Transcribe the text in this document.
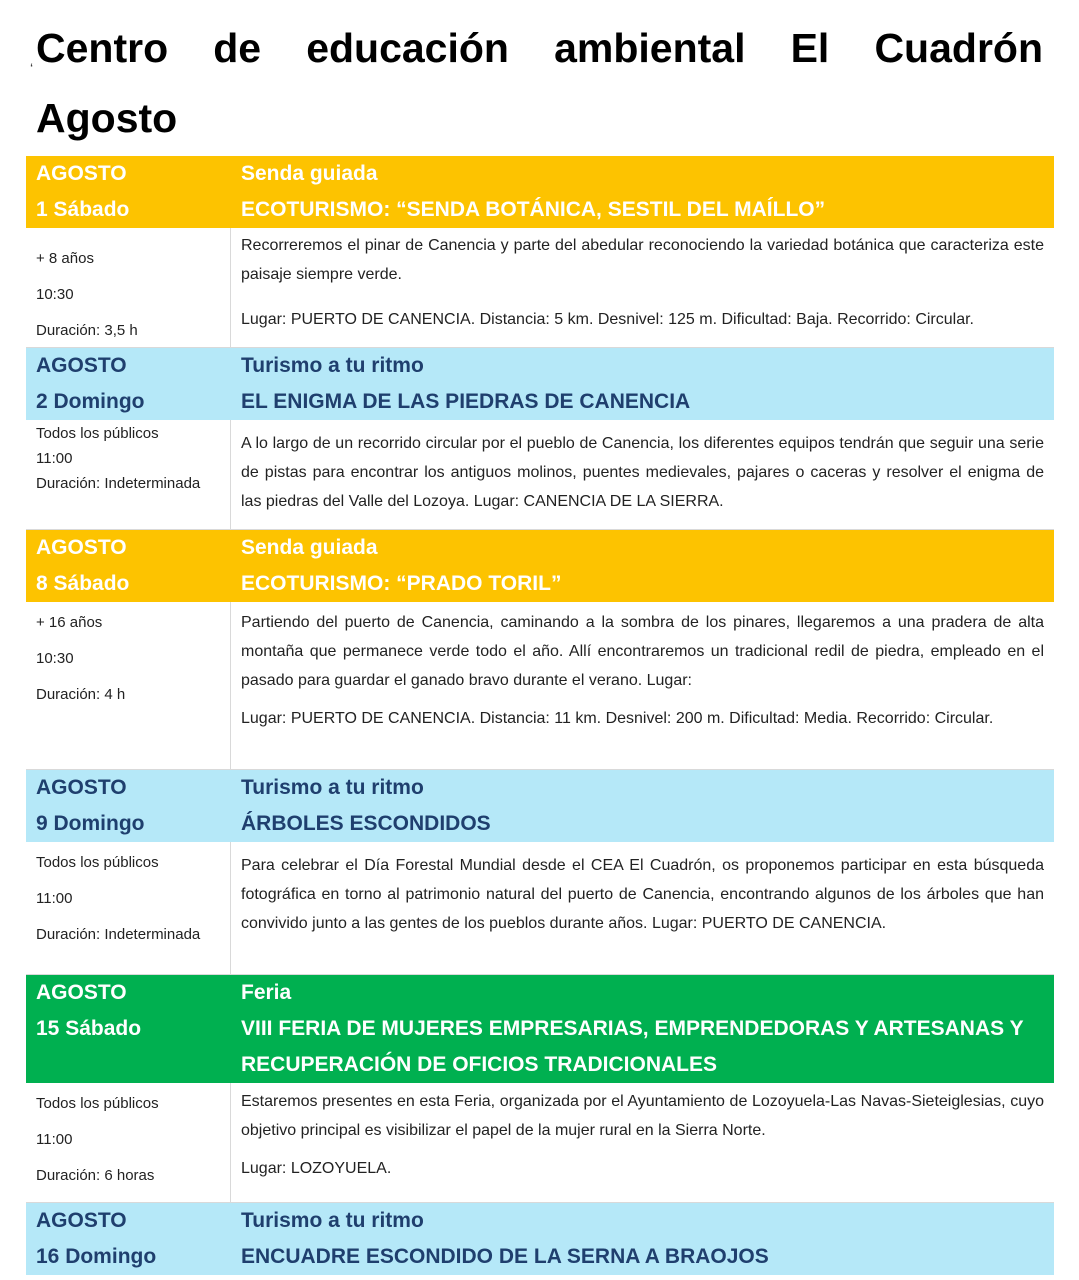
‘ Centro de educación ambiental El Cuadrón
Agosto
AGOSTO
1 Sábado
Senda guiada
ECOTURISMO: “SENDA BOTÁNICA, SESTIL DEL MAÍLLO”
+ 8 años
10:30
Duración: 3,5 h

Recorreremos el pinar de Canencia y parte del abedular reconociendo la variedad botánica que caracteriza este paisaje siempre verde.

Lugar: PUERTO DE CANENCIA. Distancia: 5 km. Desnivel: 125 m. Dificultad: Baja. Recorrido: Circular.

AGOSTO
2 Domingo
Turismo a tu ritmo
EL ENIGMA DE LAS PIEDRAS DE CANENCIA
Todos los públicos
11:00
Duración: Indeterminada

A lo largo de un recorrido circular por el pueblo de Canencia, los diferentes equipos tendrán que seguir una serie de pistas para encontrar los antiguos molinos, puentes medievales, pajares o caceras y resolver el enigma de las piedras del Valle del Lozoya. Lugar: CANENCIA DE LA SIERRA.

AGOSTO
8 Sábado
Senda guiada
ECOTURISMO: “PRADO TORIL”
+ 16 años
10:30
Duración: 4 h

Partiendo del puerto de Canencia, caminando a la sombra de los pinares, llegaremos a una pradera de alta montaña que permanece verde todo el año. Allí encontraremos un tradicional redil de piedra, empleado en el pasado para guardar el ganado bravo durante el verano. Lugar:

Lugar: PUERTO DE CANENCIA. Distancia: 11 km. Desnivel: 200 m. Dificultad: Media. Recorrido: Circular.

AGOSTO
9 Domingo
Turismo a tu ritmo
ÁRBOLES ESCONDIDOS
Todos los públicos
11:00
Duración: Indeterminada

Para celebrar el Día Forestal Mundial desde el CEA El Cuadrón, os proponemos participar en esta búsqueda fotográfica en torno al patrimonio natural del puerto de Canencia, encontrando algunos de los árboles que han convivido junto a las gentes de los pueblos durante años. Lugar: PUERTO DE CANENCIA.

AGOSTO
15 Sábado
Feria
VIII FERIA DE MUJERES EMPRESARIAS, EMPRENDEDORAS Y ARTESANAS Y
RECUPERACIÓN DE OFICIOS TRADICIONALES
Todos los públicos
11:00
Duración: 6 horas

Estaremos presentes en esta Feria, organizada por el Ayuntamiento de Lozoyuela-Las Navas-Sieteiglesias, cuyo objetivo principal es visibilizar el papel de la mujer rural en la Sierra Norte.

Lugar: LOZOYUELA.

AGOSTO
16 Domingo
Turismo a tu ritmo
ENCUADRE ESCONDIDO DE LA SERNA A BRAOJOS
